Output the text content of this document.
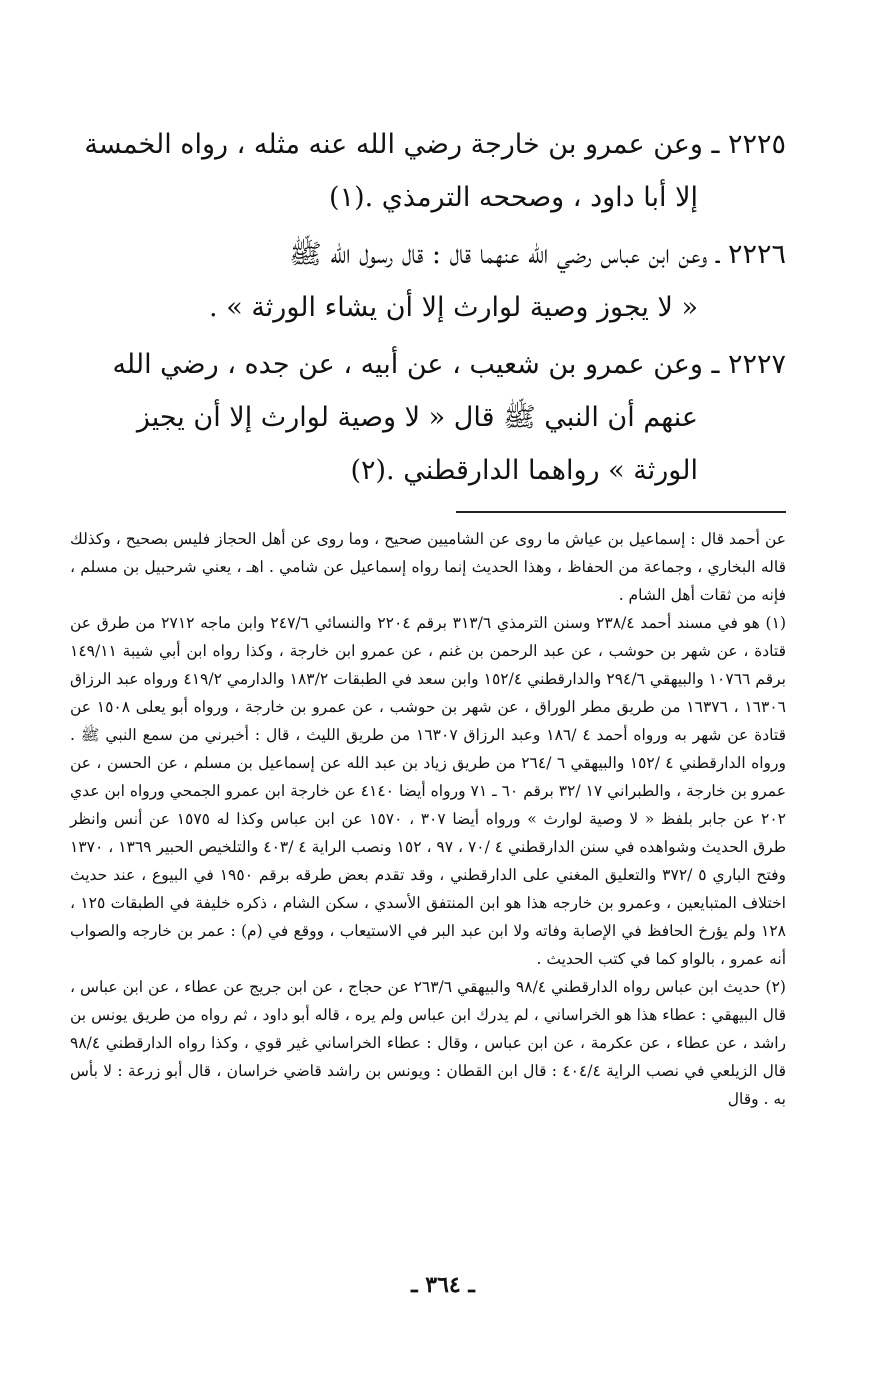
٢٢٢٥ ـ وعن عمرو بن خارجة رضي الله عنه مثله ، رواه الخمسة
إلا أبا داود ، وصححه الترمذي .(١)

٢٢٢٦ ـ وعن ابن عباس رضي الله عنهما قال : قال رسول الله ﷺ
« لا يجوز وصية لوارث إلا أن يشاء الورثة » .

٢٢٢٧ ـ وعن عمرو بن شعيب ، عن أبيه ، عن جده ، رضي الله
عنهم أن النبي ﷺ قال « لا وصية لوارث إلا أن يجيز
الورثة » رواهما الدارقطني .(٢)

عن أحمد قال : إسماعيل بن عياش ما روى عن الشاميين صحيح ، وما روى عن أهل الحجاز فليس بصحيح ، وكذلك قاله البخاري ، وجماعة من الحفاظ ، وهذا الحديث إنما رواه إسماعيل عن شامي . اهـ ، يعني شرحبيل بن مسلم ، فإنه من ثقات أهل الشام .

(١) هو في مسند أحمد ٢٣٨/٤ وسنن الترمذي ٣١٣/٦ برقم ٢٢٠٤ والنسائي ٢٤٧/٦ وابن ماجه ٢٧١٢ من طرق عن قتادة ، عن شهر بن حوشب ، عن عبد الرحمن بن غنم ، عن عمرو ابن خارجة ، وكذا رواه ابن أبي شيبة ١٤٩/١١ برقم ١٠٧٦٦ والبيهقي ٢٩٤/٦ والدارقطني ١٥٢/٤ وابن سعد في الطبقات ١٨٣/٢ والدارمي ٤١٩/٢ ورواه عبد الرزاق ١٦٣٠٦ ، ١٦٣٧٦ من طريق مطر الوراق ، عن شهر بن حوشب ، عن عمرو بن خارجة ، ورواه أبو يعلى ١٥٠٨ عن قتادة عن شهر به ورواه أحمد ٤ /١٨٦ وعبد الرزاق ١٦٣٠٧ من طريق الليث ، قال : أخبرني من سمع النبي ﷺ . ورواه الدارقطني ٤ /١٥٢ والبيهقي ٦ /٢٦٤ من طريق زياد بن عبد الله عن إسماعيل بن مسلم ، عن الحسن ، عن عمرو بن خارجة ، والطبراني ١٧ /٣٢ برقم ٦٠ ـ ٧١ ورواه أيضا ٤١٤٠ عن خارجة ابن عمرو الجمحي ورواه ابن عدي ٢٠٢ عن جابر بلفظ « لا وصية لوارث » ورواه أيضا ٣٠٧ ، ١٥٧٠ عن ابن عباس وكذا له ١٥٧٥ عن أنس وانظر طرق الحديث وشواهده في سنن الدارقطني ٤ /٧٠ ، ٩٧ ، ١٥٢ ونصب الراية ٤ /٤٠٣ والتلخيص الحبير ١٣٦٩ ، ١٣٧٠ وفتح الباري ٥ /٣٧٢ والتعليق المغني على الدارقطني ، وقد تقدم بعض طرقه برقم ١٩٥٠ في البيوع ، عند حديث اختلاف المتبايعين ، وعمرو بن خارجه هذا هو ابن المنتفق الأسدي ، سكن الشام ، ذكره خليفة في الطبقات ١٢٥ ، ١٢٨ ولم يؤرخ الحافظ في الإصابة وفاته ولا ابن عبد البر في الاستيعاب ، ووقع في (م) : عمر بن خارجه والصواب أنه عمرو ، بالواو كما في كتب الحديث .

(٢) حديث ابن عباس رواه الدارقطني ٩٨/٤ والبيهقي ٢٦٣/٦ عن حجاج ، عن ابن جريج عن عطاء ، عن ابن عباس ، قال البيهقي : عطاء هذا هو الخراساني ، لم يدرك ابن عباس ولم يره ، قاله أبو داود ، ثم رواه من طريق يونس بن راشد ، عن عطاء ، عن عكرمة ، عن ابن عباس ، وقال : عطاء الخراساني غير قوي ، وكذا رواه الدارقطني ٩٨/٤ قال الزيلعي في نصب الراية ٤٠٤/٤ : قال ابن القطان : ويونس بن راشد قاضي خراسان ، قال أبو زرعة : لا بأس به . وقال

ـ ٣٦٤ ـ
